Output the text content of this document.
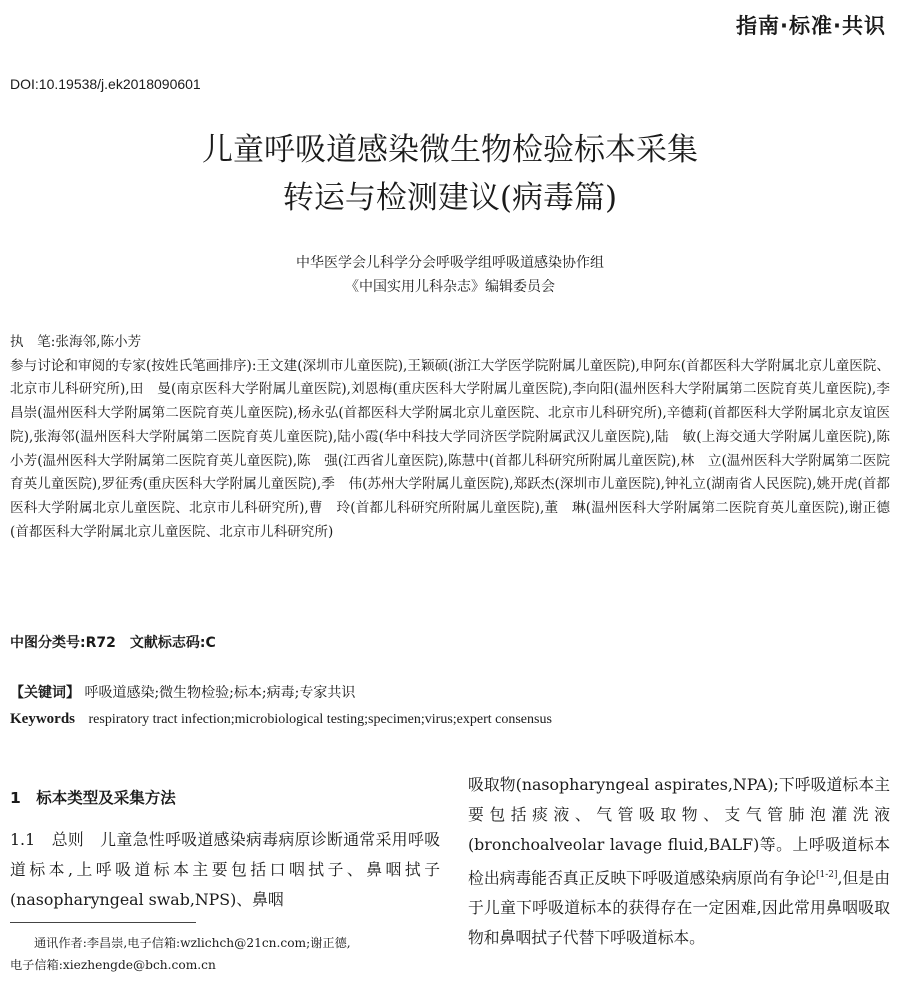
指南·标准·共识
DOI:10.19538/j.ek2018090601
儿童呼吸道感染微生物检验标本采集
转运与检测建议(病毒篇)
中华医学会儿科学分会呼吸学组呼吸道感染协作组
《中国实用儿科杂志》编辑委员会

执　笔:张海邻,陈小芳

参与讨论和审阅的专家(按姓氏笔画排序):王文建(深圳市儿童医院),王颖硕(浙江大学医学院附属儿童医院),申阿东(首都医科大学附属北京儿童医院、北京市儿科研究所),田　曼(南京医科大学附属儿童医院),刘恩梅(重庆医科大学附属儿童医院),李向阳(温州医科大学附属第二医院育英儿童医院),李昌崇(温州医科大学附属第二医院育英儿童医院),杨永弘(首都医科大学附属北京儿童医院、北京市儿科研究所),辛德莉(首都医科大学附属北京友谊医院),张海邻(温州医科大学附属第二医院育英儿童医院),陆小霞(华中科技大学同济医学院附属武汉儿童医院),陆　敏(上海交通大学附属儿童医院),陈小芳(温州医科大学附属第二医院育英儿童医院),陈　强(江西省儿童医院),陈慧中(首都儿科研究所附属儿童医院),林　立(温州医科大学附属第二医院育英儿童医院),罗征秀(重庆医科大学附属儿童医院),季　伟(苏州大学附属儿童医院),郑跃杰(深圳市儿童医院),钟礼立(湖南省人民医院),姚开虎(首都医科大学附属北京儿童医院、北京市儿科研究所),曹　玲(首都儿科研究所附属儿童医院),董　琳(温州医科大学附属第二医院育英儿童医院),谢正德(首都医科大学附属北京儿童医院、北京市儿科研究所)

中图分类号:R72　文献标志码:C
【关键词】 呼吸道感染;微生物检验;标本;病毒;专家共识
Keywords respiratory tract infection;microbiological testing;specimen;virus;expert consensus
1　标本类型及采集方法
1.1　总则　儿童急性呼吸道感染病毒病原诊断通常采用呼吸道标本,上呼吸道标本主要包括口咽拭子、鼻咽拭子(nasopharyngeal swab,NPS)、鼻咽
吸取物(nasopharyngeal aspirates,NPA);下呼吸道标本主要包括痰液、气管吸取物、支气管肺泡灌洗液(bronchoalveolar lavage fluid,BALF)等。上呼吸道标本检出病毒能否真正反映下呼吸道感染病原尚有争论[1-2],但是由于儿童下呼吸道标本的获得存在一定困难,因此常用鼻咽吸取物和鼻咽拭子代替下呼吸道标本。
通讯作者:李昌崇,电子信箱:wzlichch@21cn.com;谢正德,
电子信箱:xiezhengde@bch.com.cn
